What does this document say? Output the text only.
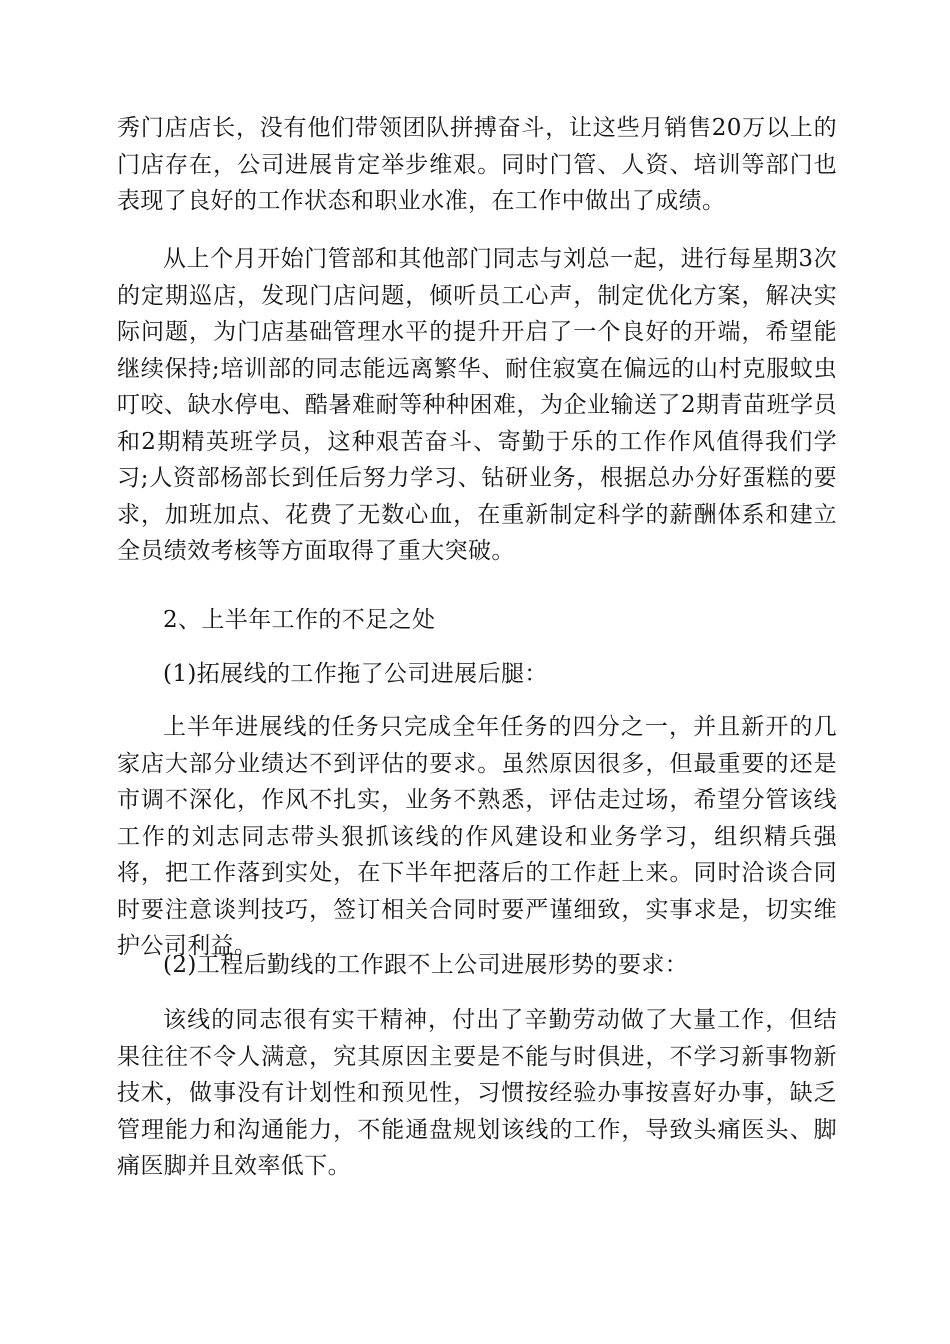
秀门店店长，没有他们带领团队拼搏奋斗，让这些月销售20万以上的门店存在，公司进展肯定举步维艰。同时门管、人资、培训等部门也表现了良好的工作状态和职业水准，在工作中做出了成绩。

从上个月开始门管部和其他部门同志与刘总一起，进行每星期3次的定期巡店，发现门店问题，倾听员工心声，制定优化方案，解决实际问题，为门店基础管理水平的提升开启了一个良好的开端，希望能继续保持;培训部的同志能远离繁华、耐住寂寞在偏远的山村克服蚊虫叮咬、缺水停电、酷暑难耐等种种困难，为企业输送了2期青苗班学员和2期精英班学员，这种艰苦奋斗、寄勤于乐的工作作风值得我们学习;人资部杨部长到任后努力学习、钻研业务，根据总办分好蛋糕的要求，加班加点、花费了无数心血，在重新制定科学的薪酬体系和建立全员绩效考核等方面取得了重大突破。

2、上半年工作的不足之处

(1)拓展线的工作拖了公司进展后腿：

上半年进展线的任务只完成全年任务的四分之一，并且新开的几家店大部分业绩达不到评估的要求。虽然原因很多，但最重要的还是市调不深化，作风不扎实，业务不熟悉，评估走过场，希望分管该线工作的刘志同志带头狠抓该线的作风建设和业务学习，组织精兵强将，把工作落到实处，在下半年把落后的工作赶上来。同时洽谈合同时要注意谈判技巧，签订相关合同时要严谨细致，实事求是，切实维护公司利益。

(2)工程后勤线的工作跟不上公司进展形势的要求：

该线的同志很有实干精神，付出了辛勤劳动做了大量工作，但结果往往不令人满意，究其原因主要是不能与时俱进，不学习新事物新技术，做事没有计划性和预见性，习惯按经验办事按喜好办事，缺乏管理能力和沟通能力，不能通盘规划该线的工作，导致头痛医头、脚痛医脚并且效率低下。
